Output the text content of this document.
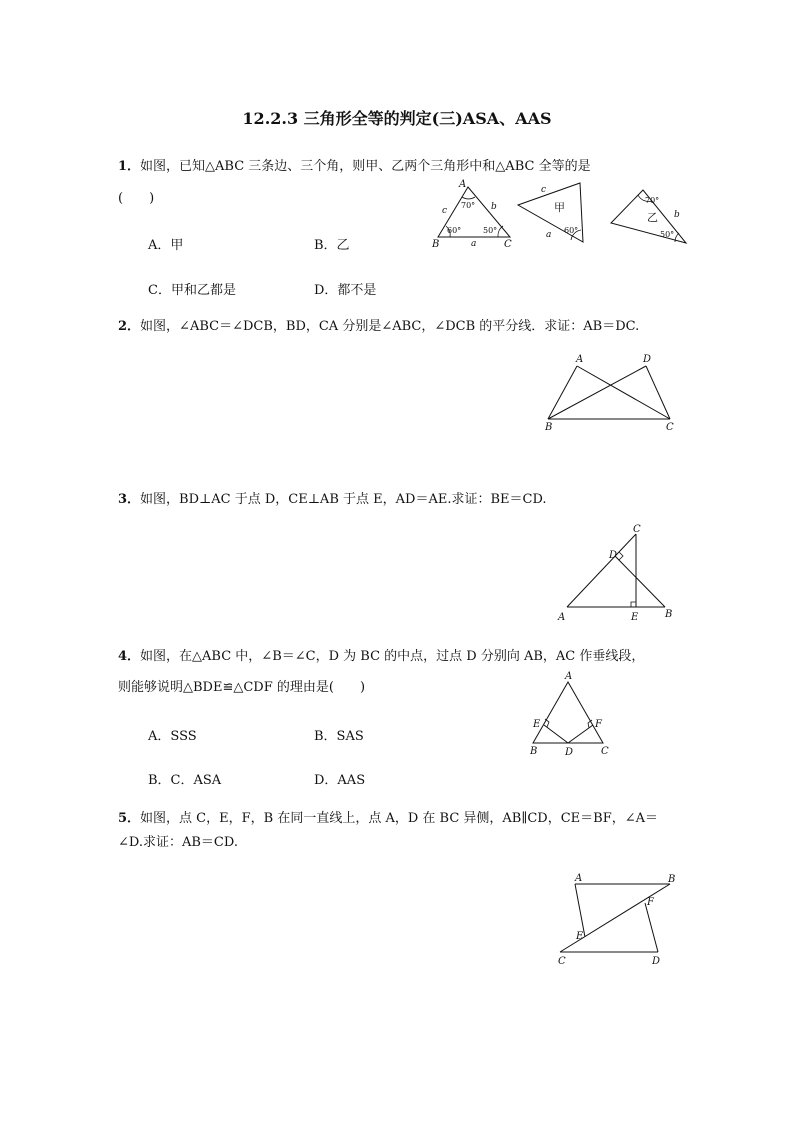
12.2.3 三角形全等的判定(三)ASA、AAS
1．如图，已知△ABC 三条边、三个角，则甲、乙两个三角形中和△ABC 全等的是
(　　)
A．甲	B．乙
C．甲和乙都是	D．都不是
A
B	C
a
b
c
70°
60°	50°
甲
c
a 60°
乙 b
70°
50°
2．如图，∠ABC＝∠DCB，BD，CA 分别是∠ABC，∠DCB 的平分线．求证：AB＝DC.
A	D
B	C
3．如图，BD⊥AC 于点 D，CE⊥AB 于点 E，AD＝AE.求证：BE＝CD.
C
D
A	E	B
4．如图，在△ABC 中，∠B＝∠C，D 为 BC 的中点，过点 D 分别向 AB，AC 作垂线段，
则能够说明△BDE≌△CDF 的理由是(　　)
A．SSS	B．SAS
B．C．ASA	D．AAS
A
E	F
B	D	C
5．如图，点 C，E，F，B 在同一直线上，点 A，D 在 BC 异侧，AB∥CD，CE＝BF，∠A＝
∠D.求证：AB＝CD.
A	B
F
E
C	D
